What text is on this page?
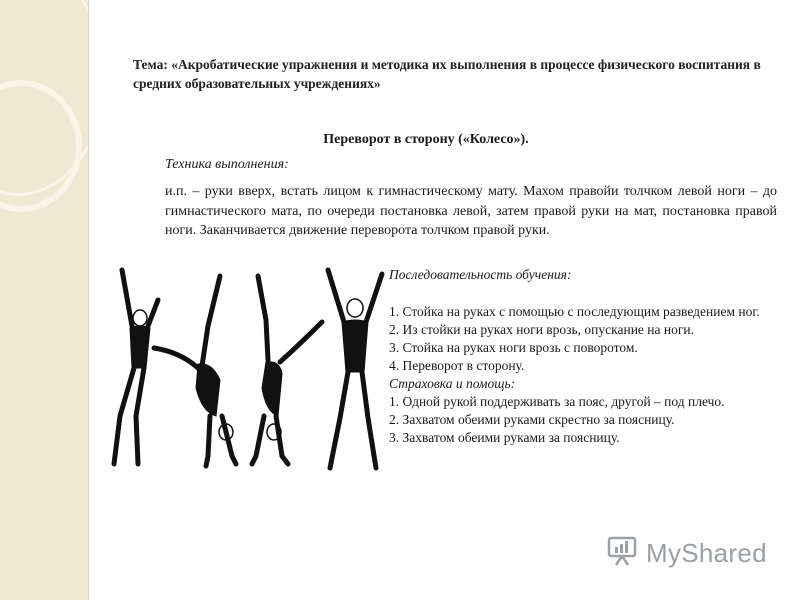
Тема: «Акробатические упражнения и методика их выполнения в процессе физического воспитания в средних образовательных учреждениях»
Переворот в сторону («Колесо»).
Техника выполнения:
и.п. – руки вверх, встать лицом к гимнастическому мату. Махом правойи толчком левой ноги – до гимнастического мата, по очереди постановка левой, затем правой руки на мат, постановка правой ноги. Заканчивается движение переворота толчком правой руки.
Последовательность обучения:
1. Стойка на руках с помощью с последующим разведением ног.
2. Из стойки на руках ноги врозь, опускание на ноги.
3. Стойка на руках ноги врозь с поворотом.
4. Переворот в сторону.
Страховка и помощь:
1. Одной рукой поддерживать за пояс, другой – под плечо.
2. Захватом обеими руками скрестно за поясницу.
3. Захватом обеими руками за поясницу.
MyShared
